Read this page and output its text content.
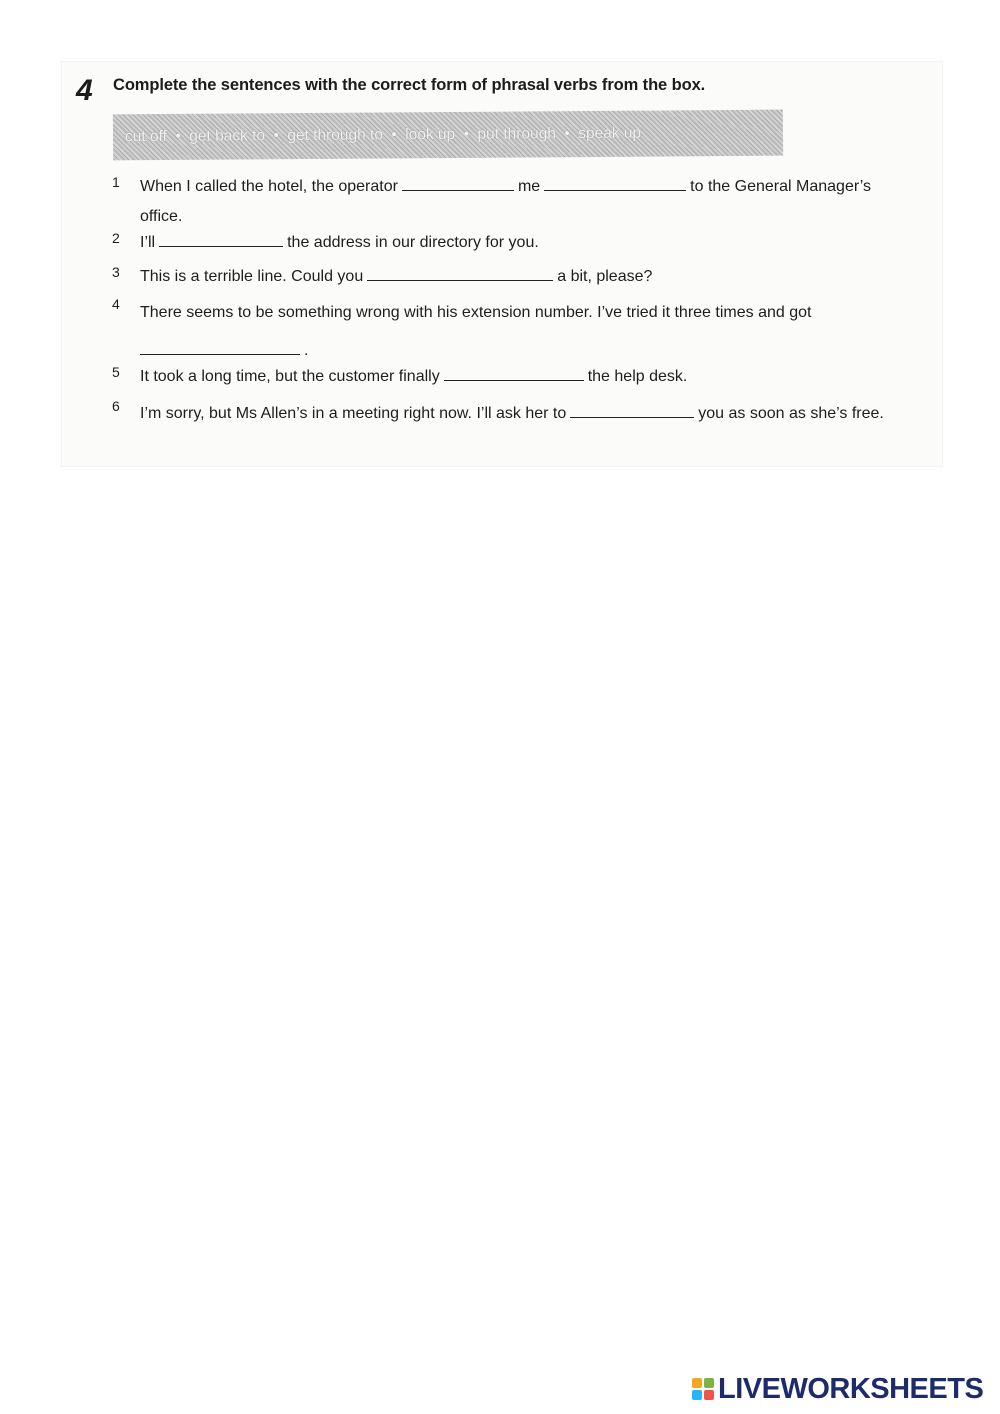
4 Complete the sentences with the correct form of phrasal verbs from the box.
cut off • get back to • get through to • look up • put through • speak up
1	When I called the hotel, the operator	me	to the General Manager’s office.
2	I’ll	the address in our directory for you.
3	This is a terrible line. Could you	a bit, please?
4	There seems to be something wrong with his extension number. I’ve tried it three times and got
.
5	It took a long time, but the customer finally	the help desk.
6	I’m sorry, but Ms Allen’s in a meeting right now. I’ll ask her to	you as soon as she’s free.
LIVEWORKSHEETS
